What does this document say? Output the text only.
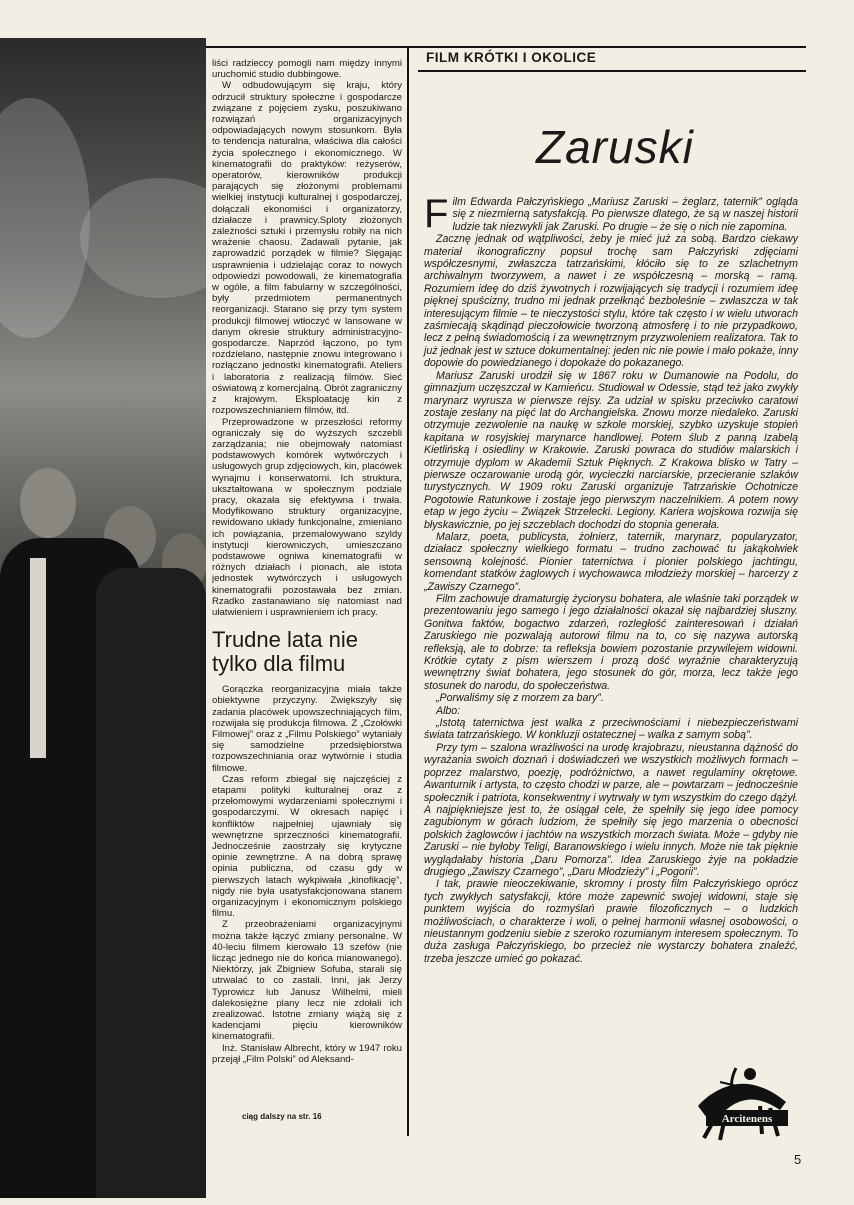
liści radzieccy pomogli nam między innymi uruchomić studio dubbingowe.

W odbudowującym się kraju, który odrzucił struktury społeczne i gospodarcze związane z pojęciem zysku, poszukiwano rozwiązań organizacyjnych odpowiadających nowym stosunkom. Była to tendencja naturalna, właściwa dla całości życia społecznego i ekonomicznego. W kinematografii do praktyków: reżyserów, operatorów, kierowników produkcji parających się złożonymi problemami wielkiej instytucji kulturalnej i gospodarczej, dołączali ekonomiści i organizatorzy, działacze i prawnicy.Sploty złożonych zależności sztuki i przemysłu robiły na nich wrażenie chaosu. Zadawali pytanie, jak zaprowadzić porządek w filmie? Sięgając usprawnienia i udzielając coraz to nowych odpowiedzi powodowali, że kinematografia w ogóle, a film fabularny w szczególności, były przedmiotem permanentnych reorganizacji. Starano się przy tym system produkcji filmowej wtłoczyć w lansowane w danym okresie struktury administracyjno-gospodarcze. Naprzód łączono, po tym rozdzielano, następnie znowu integrowano i rozłączano jednostki kinematografii. Ateliers i laboratoria z realizacją filmów. Sieć oświatową z komercjalną. Obrót zagraniczny z krajowym. Eksploatację kin z rozpowszechnianiem filmów, itd.

Przeprowadzone w przeszłości reformy ograniczały się do wyższych szczebli zarządzania; nie obejmowały natomiast podstawowych komórek wytwórczych i usługowych grup zdjęciowych, kin, placówek wynajmu i konserwatorni. Ich struktura, ukształtowana w społecznym podziale pracy, okazała się efektywna i trwała. Modyfikowano struktury organizacyjne, rewidowano układy funkcjonalne, zmieniano ich powiązania, przemalowywano szyldy instytucji kierowniczych, umieszczano podstawowe ogniwa kinematografii w różnych działach i pionach, ale istota jednostek wytwórczych i usługowych kinematografii pozostawała bez zmian. Rzadko zastanawiano się natomiast nad ułatwieniem i usprawnieniem ich pracy.

Trudne lata nie tylko dla filmu

Gorączka reorganizacyjna miała także obiektywne przyczyny. Zwiększyły się zadania placówek upowszechniających film, rozwijała się produkcja filmowa. Z „Czołówki Filmowej” oraz z „Filmu Polskiego” wytaniały się samodzielne przedsiębiorstwa rozpowszechniania oraz wytwórnie i studia filmowe.

Czas reform zbiegał się najczęściej z etapami polityki kulturalnej oraz z przełomowymi wydarzeniami społecznymi i gospodarczymi. W okresach napięć i konfliktów najpełniej ujawniały się wewnętrzne sprzeczności kinematografii. Jednocześnie zaostrzały się krytyczne opinie zewnętrzne. A na dobrą sprawę opinia publiczna, od czasu gdy w pierwszych latach wykpiwała „kinofikację”, nigdy nie była usatysfakcjonowana stanem organizacyjnym i ekonomicznym polskiego filmu.

Z przeobrażeniami organizacyjnymi można także łączyć zmiany personalne. W 40-leciu filmem kierowało 13 szefów (nie licząc jednego nie do końca mianowanego). Niektórzy, jak Zbigniew Sofuba, starali się utrwalać to co zastali. Inni, jak Jerzy Typrowicz lub Janusz Wilhelmi, mieli dalekosiężne plany lecz nie zdołali ich zrealizować. Istotne zmiany wiążą się z kadencjami pięciu kierowników kinematografii.

Inż. Stanisław Albrecht, który w 1947 roku przejął „Film Polski” od Aleksand-

ciąg dalszy na str. 16
FILM KRÓTKI I OKOLICE
Zaruski

Film Edwarda Pałczyńskiego „Mariusz Zaruski – żeglarz, taternik” ogląda się z niezmierną satysfakcją. Po pierwsze dlatego, że są w naszej historii ludzie tak niezwykli jak Zaruski. Po drugie – że się o nich nie zapomina.

Zacznę jednak od wątpliwości, żeby je mieć już za sobą. Bardzo ciekawy materiał ikonograficzny popsuł trochę sam Pałczyński zdjęciami współczesnymi, zwłaszcza tatrzańskimi, kłóciło się to ze szlachetnym archiwalnym tworzywem, a nawet i ze współczesną – morską – ramą. Rozumiem ideę do dziś żywotnych i rozwijających się tradycji i rozumiem ideę pięknej spuścizny, trudno mi jednak przełknąć bezboleśnie – zwłaszcza w tak interesującym filmie – te nieczystości stylu, które tak często i w wielu utworach zaśmiecają skądinąd pieczołowicie tworzoną atmosferę i to nie przypadkowo, lecz z pełną świadomością i za wewnętrznym przyzwoleniem realizatora. Tak to już jednak jest w sztuce dokumentalnej: jeden nic nie powie i mało pokaże, inny dopowie do powiedzianego i dopokaże do pokazanego.

Mariusz Zaruski urodził się w 1867 roku w Dumanowie na Podolu, do gimnazjum uczęszczał w Kamieńcu. Studiował w Odessie, stąd też jako zwykły marynarz wyrusza w pierwsze rejsy. Za udział w spisku przeciwko caratowi zostaje zesłany na pięć lat do Archangielska. Znowu morze niedaleko. Zaruski otrzymuje zezwolenie na naukę w szkole morskiej, szybko uzyskuje stopień kapitana w rosyjskiej marynarce handlowej. Potem ślub z panną Izabelą Kietlińską i osiedliny w Krakowie. Zaruski powraca do studiów malarskich i otrzymuje dyplom w Akademii Sztuk Pięknych. Z Krakowa blisko w Tatry – pierwsze oczarowanie urodą gór, wycieczki narciarskie, przecieranie szlaków turystycznych. W 1909 roku Zaruski organizuje Tatrzańskie Ochotnicze Pogotowie Ratunkowe i zostaje jego pierwszym naczelnikiem. A potem nowy etap w jego życiu – Związek Strzelecki. Legiony. Kariera wojskowa rozwija się błyskawicznie, po jej szczeblach dochodzi do stopnia generała.

Malarz, poeta, publicysta, żołnierz, taternik, marynarz, popularyzator, działacz społeczny wielkiego formatu – trudno zachować tu jakąkolwiek sensowną kolejność. Pionier taternictwa i pionier polskiego jachtingu, komendant statków żaglowych i wychowawca młodzieży morskiej – harcerzy z „Zawiszy Czarnego”.

Film zachowuje dramaturgię życiorysu bohatera, ale właśnie taki porządek w prezentowaniu jego samego i jego działalności okazał się najbardziej słuszny. Gonitwa faktów, bogactwo zdarzeń, rozległość zainteresowań i działań Zaruskiego nie pozwalają autorowi filmu na to, co się nazywa autorską refleksją, ale to dobrze: ta refleksja bowiem pozostanie przywilejem widowni. Krótkie cytaty z pism wierszem i prozą dość wyraźnie charakteryzują wewnętrzny świat bohatera, jego stosunek do gór, morza, lecz także jego stosunek do narodu, do społeczeństwa.

„Porwaliśmy się z morzem za bary”.

Albo:

„Istotą taternictwa jest walka z przeciwnościami i niebezpieczeństwami świata tatrzańskiego. W konkluzji ostatecznej – walka z samym sobą”.

Przy tym – szalona wrażliwości na urodę krajobrazu, nieustanna dążność do wyrażania swoich doznań i doświadczeń we wszystkich możliwych formach – poprzez malarstwo, poezję, podróżnictwo, a nawet regulaminy okrętowe. Awanturnik i artysta, to często chodzi w parze, ale – powtarzam – jednocześnie społecznik i patriota, konsekwentny i wytrwały w tym wszystkim do czego dążył. A najpiękniejsze jest to, że osiągał cele, że spełniły się jego idee pomocy zagubionym w górach ludziom, że spełniły się jego marzenia o obecności polskich żaglowców i jachtów na wszystkich morzach świata. Może – gdyby nie Zaruski – nie byłoby Teligi, Baranowskiego i wielu innych. Może nie tak pięknie wyglądałaby historia „Daru Pomorza”. Idea Zaruskiego żyje na pokładzie drugiego „Zawiszy Czarnego”, „Daru Młodzieży” i „Pogorii”.

I tak, prawie nieoczekiwanie, skromny i prosty film Pałczyńskiego oprócz tych zwykłych satysfakcji, które może zapewnić swojej widowni, staje się punktem wyjścia do rozmyślań prawie filozoficznych – o ludzkich możliwościach, o charakterze i woli, o pełnej harmonii własnej osobowości, o nieustannym godzeniu siebie z szeroko rozumianym interesem społecznym. To duża zasługa Pałczyńskiego, bo przecież nie wystarczy bohatera znaleźć, trzeba jeszcze umieć go pokazać.

Arcitenens
5
